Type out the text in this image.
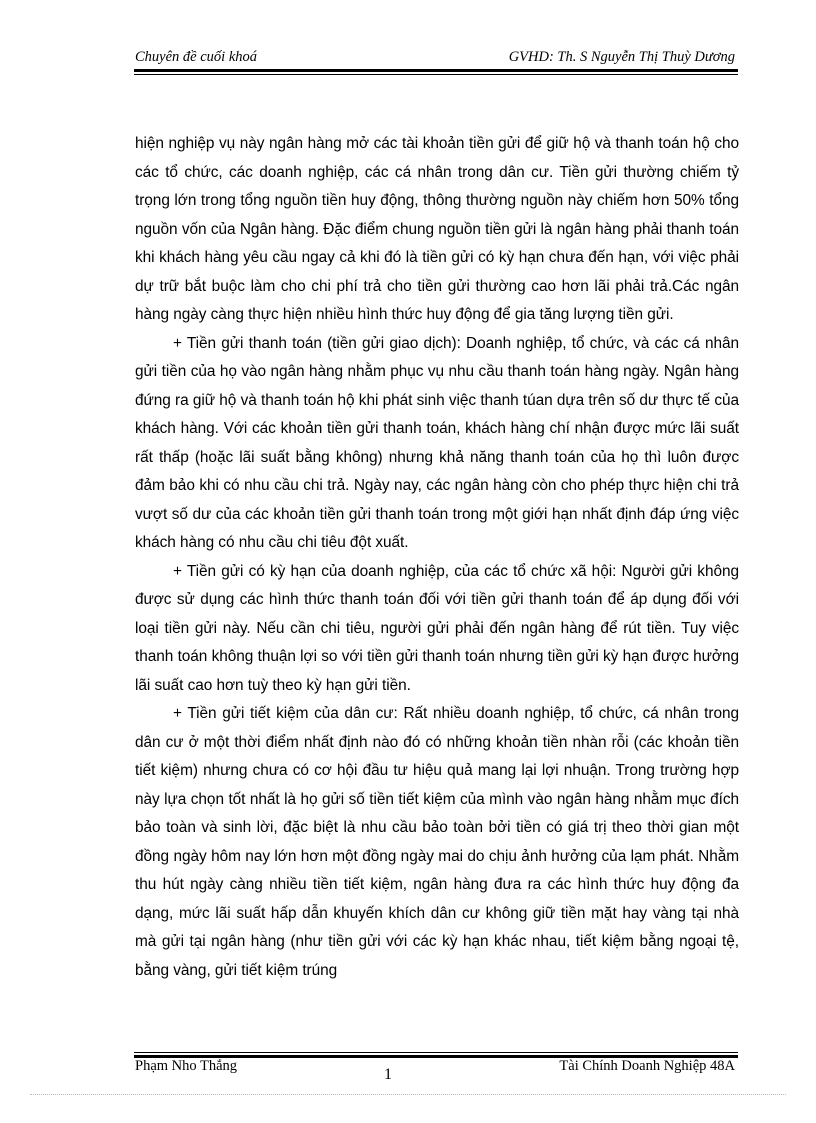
Chuyên đề cuối khoá	GVHD: Th. S Nguyễn Thị Thuỳ Dương

hiện nghiệp vụ này ngân hàng mở các tài khoản tiền gửi để giữ hộ và thanh toán hộ cho các tổ chức, các doanh nghiệp, các cá nhân trong dân cư. Tiền gửi thường chiếm tỷ trọng lớn trong tổng nguồn tiền huy động, thông thường nguồn này chiếm hơn 50% tổng nguồn vốn của Ngân hàng. Đặc điểm chung nguồn tiền gửi là ngân hàng phải thanh toán khi khách hàng yêu cầu ngay cả khi đó là tiền gửi có kỳ hạn chưa đến hạn, với việc phải dự trữ bắt buộc làm cho chi phí trả cho tiền gửi thường cao hơn lãi phải trả.Các ngân hàng ngày càng thực hiện nhiều hình thức huy động để gia tăng lượng tiền gửi.

+ Tiền gửi thanh toán (tiền gửi giao dịch): Doanh nghiệp, tổ chức, và các cá nhân gửi tiền của họ vào ngân hàng nhằm phục vụ nhu cầu thanh toán hàng ngày. Ngân hàng đứng ra giữ hộ và thanh toán hộ khi phát sinh việc thanh túan dựa trên số dư thực tế của khách hàng. Với các khoản tiền gửi thanh toán, khách hàng chí nhận được mức lãi suất rất thấp (hoặc lãi suất bằng không) nhưng khả năng thanh toán của họ thì luôn được đảm bảo khi có nhu cầu chi trả. Ngày nay, các ngân hàng còn cho phép thực hiện chi trả vượt số dư của các khoản tiền gửi thanh toán trong một giới hạn nhất định đáp ứng việc khách hàng có nhu cầu chi tiêu đột xuất.

+ Tiền gửi có kỳ hạn của doanh nghiệp, của các tổ chức xã hội: Người gửi không được sử dụng các hình thức thanh toán đối với tiền gửi thanh toán để áp dụng đối với loại tiền gửi này. Nếu cần chi tiêu, người gửi phải đến ngân hàng để rút tiền. Tuy việc thanh toán không thuận lợi so với tiền gửi thanh toán nhưng tiền gửi kỳ hạn được hưởng lãi suất cao hơn tuỳ theo kỳ hạn gửi tiền.

+ Tiền gửi tiết kiệm của dân cư: Rất nhiều doanh nghiệp, tổ chức, cá nhân trong dân cư ở một thời điểm nhất định nào đó có những khoản tiền nhàn rỗi (các khoản tiền tiết kiệm) nhưng chưa có cơ hội đầu tư hiệu quả mang lại lợi nhuận. Trong trường hợp này lựa chọn tốt nhất là họ gửi số tiền tiết kiệm của mình vào ngân hàng nhằm mục đích bảo toàn và sinh lời, đặc biệt là nhu cầu bảo toàn bởi tiền có giá trị theo thời gian một đồng ngày hôm nay lớn hơn một đồng ngày mai do chịu ảnh hưởng của lạm phát. Nhằm thu hút ngày càng nhiều tiền tiết kiệm, ngân hàng đưa ra các hình thức huy động đa dạng, mức lãi suất hấp dẫn khuyến khích dân cư không giữ tiền mặt hay vàng tại nhà mà gửi tại ngân hàng (như tiền gửi với các kỳ hạn khác nhau, tiết kiệm bằng ngoại tệ, bằng vàng, gửi tiết kiệm trúng

Phạm Nho Thắng	1	Tài Chính Doanh Nghiệp 48A
